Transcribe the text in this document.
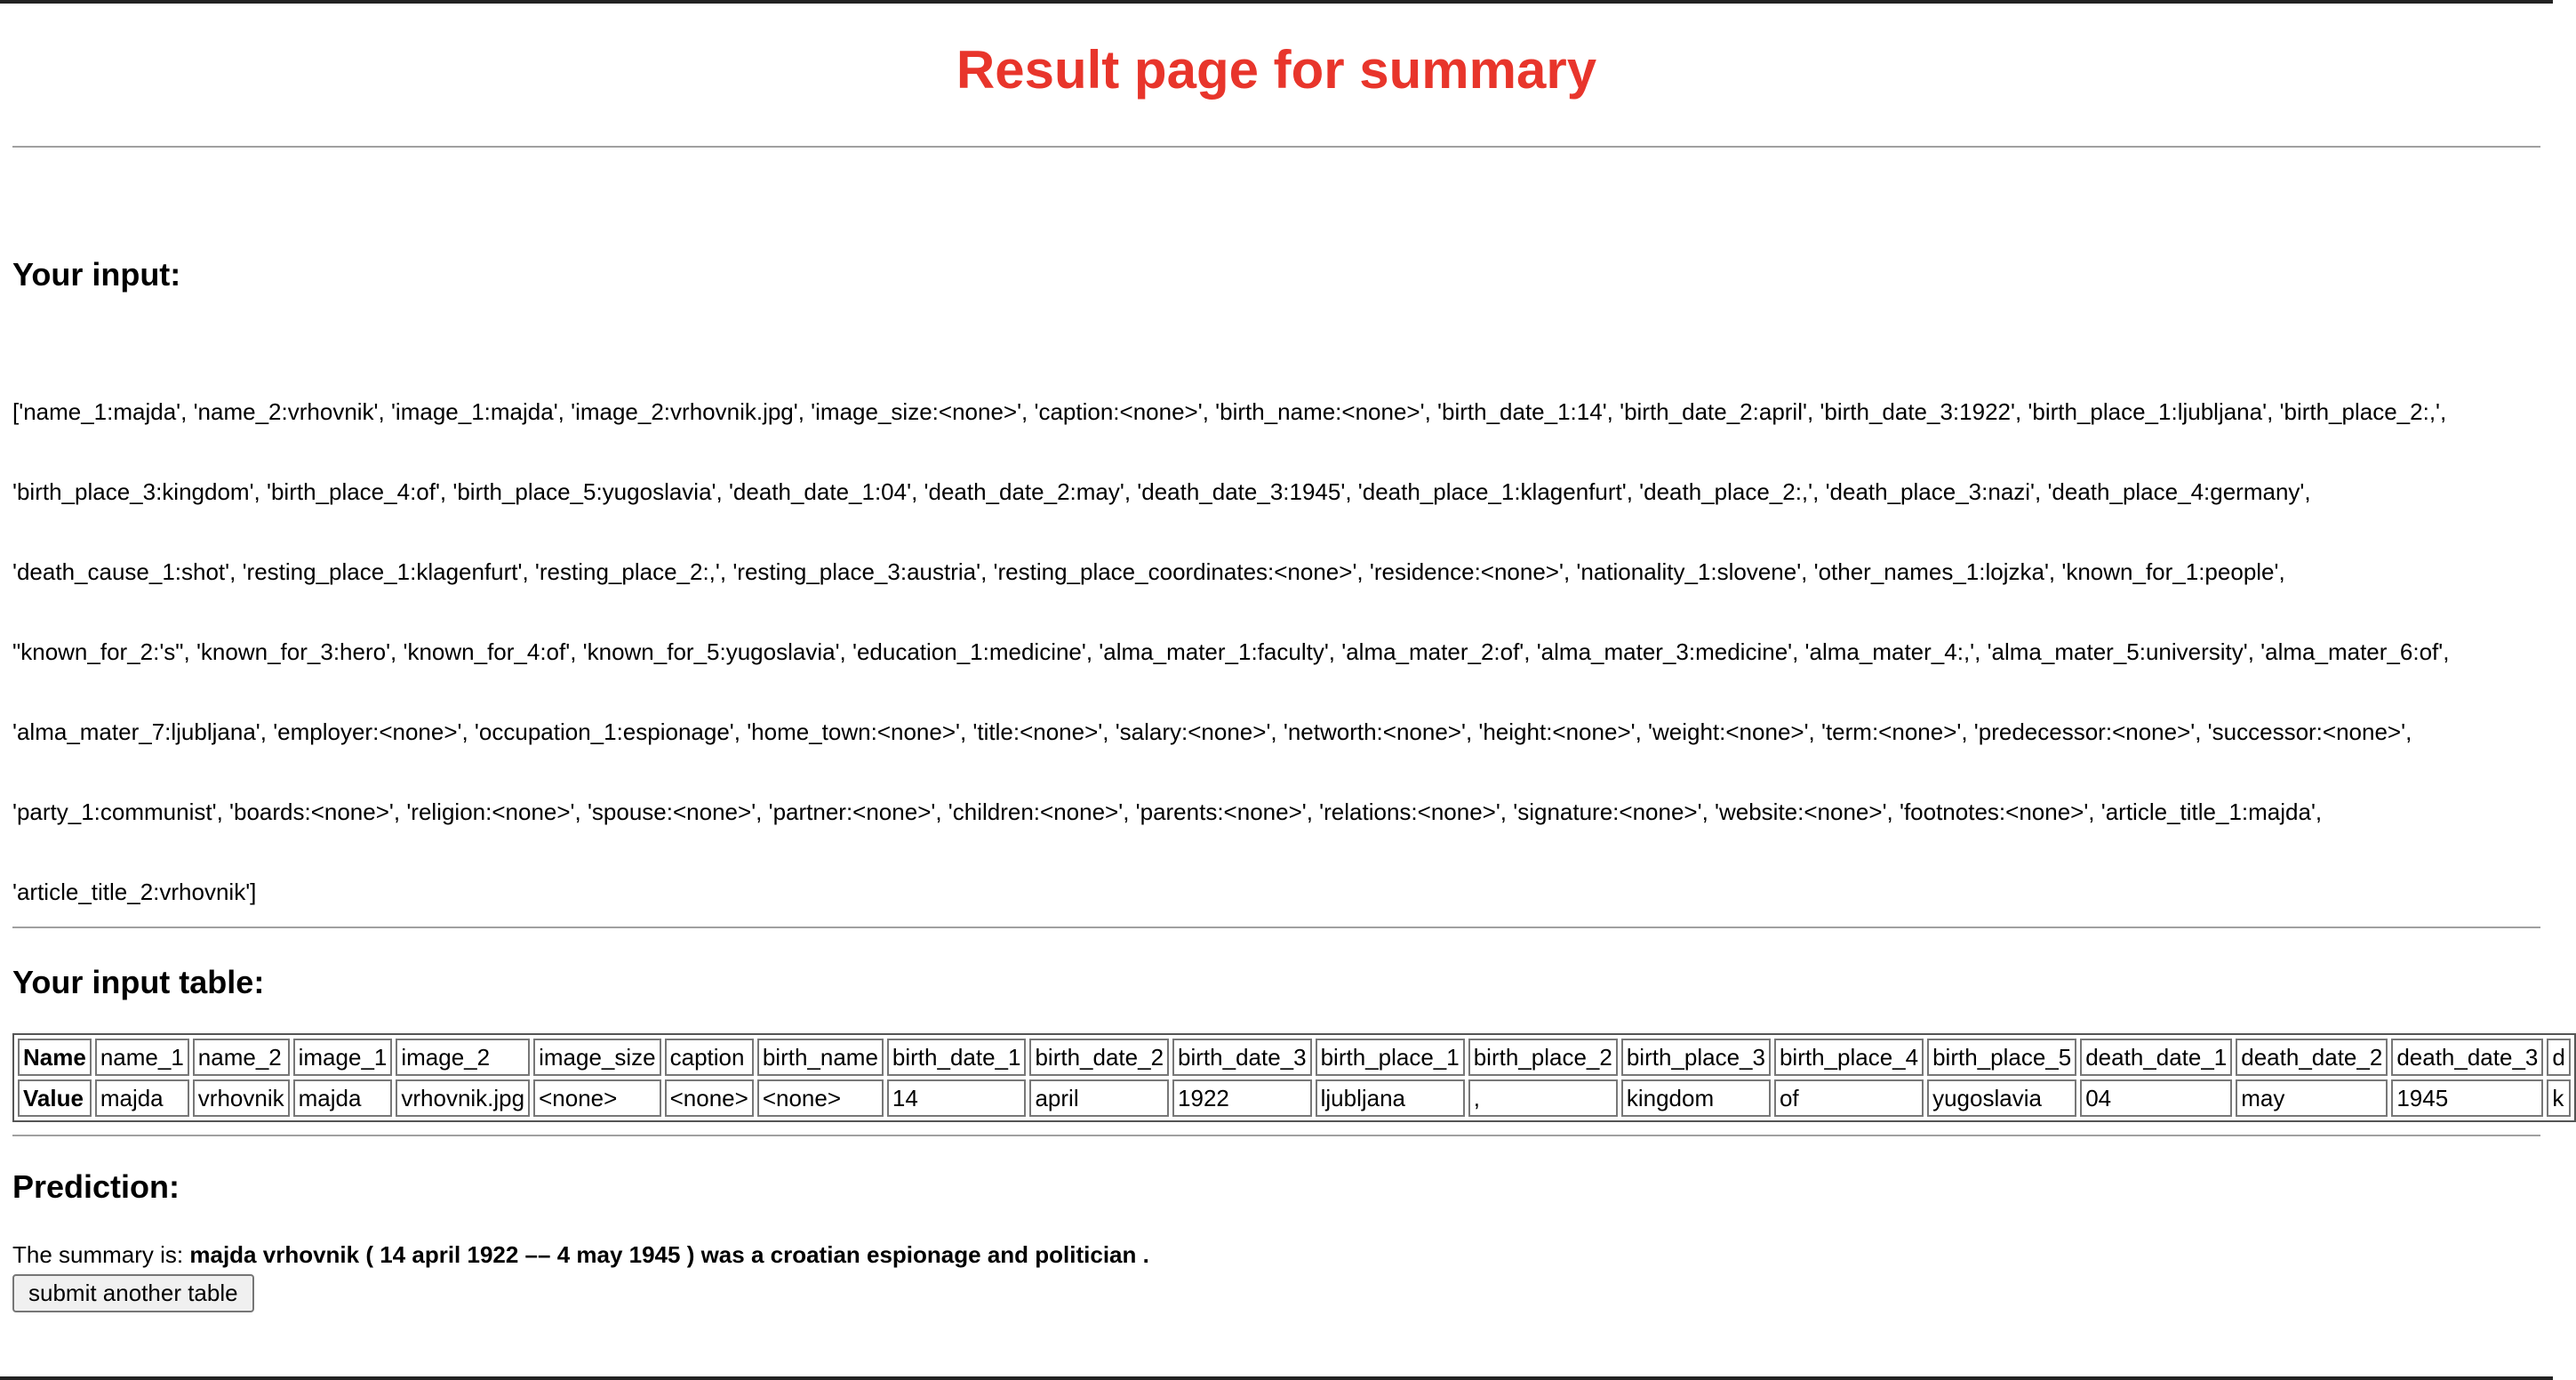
Result page for summary
Your input:
['name_1:majda', 'name_2:vrhovnik', 'image_1:majda', 'image_2:vrhovnik.jpg', 'image_size:<none>', 'caption:<none>', 'birth_name:<none>', 'birth_date_1:14', 'birth_date_2:april', 'birth_date_3:1922', 'birth_place_1:ljubljana', 'birth_place_2:,',
'birth_place_3:kingdom', 'birth_place_4:of', 'birth_place_5:yugoslavia', 'death_date_1:04', 'death_date_2:may', 'death_date_3:1945', 'death_place_1:klagenfurt', 'death_place_2:,', 'death_place_3:nazi', 'death_place_4:germany',
'death_cause_1:shot', 'resting_place_1:klagenfurt', 'resting_place_2:,', 'resting_place_3:austria', 'resting_place_coordinates:<none>', 'residence:<none>', 'nationality_1:slovene', 'other_names_1:lojzka', 'known_for_1:people',
"known_for_2:'s", 'known_for_3:hero', 'known_for_4:of', 'known_for_5:yugoslavia', 'education_1:medicine', 'alma_mater_1:faculty', 'alma_mater_2:of', 'alma_mater_3:medicine', 'alma_mater_4:,', 'alma_mater_5:university', 'alma_mater_6:of',
'alma_mater_7:ljubljana', 'employer:<none>', 'occupation_1:espionage', 'home_town:<none>', 'title:<none>', 'salary:<none>', 'networth:<none>', 'height:<none>', 'weight:<none>', 'term:<none>', 'predecessor:<none>', 'successor:<none>',
'party_1:communist', 'boards:<none>', 'religion:<none>', 'spouse:<none>', 'partner:<none>', 'children:<none>', 'parents:<none>', 'relations:<none>', 'signature:<none>', 'website:<none>', 'footnotes:<none>', 'article_title_1:majda',
'article_title_2:vrhovnik']
Your input table:
Name	name_1	name_2	image_1	image_2	image_size	caption	birth_name	birth_date_1	birth_date_2	birth_date_3	birth_place_1	birth_place_2	birth_place_3	birth_place_4	birth_place_5	death_date_1	death_date_2	death_date_3	d
Value	majda	vrhovnik	majda	vrhovnik.jpg	<none>	<none>	<none>	14	april	1922	ljubljana	,	kingdom	of	yugoslavia	04	may	1945	k
Prediction:
The summary is: majda vrhovnik ( 14 april 1922 –– 4 may 1945 ) was a croatian espionage and politician .
submit another table
